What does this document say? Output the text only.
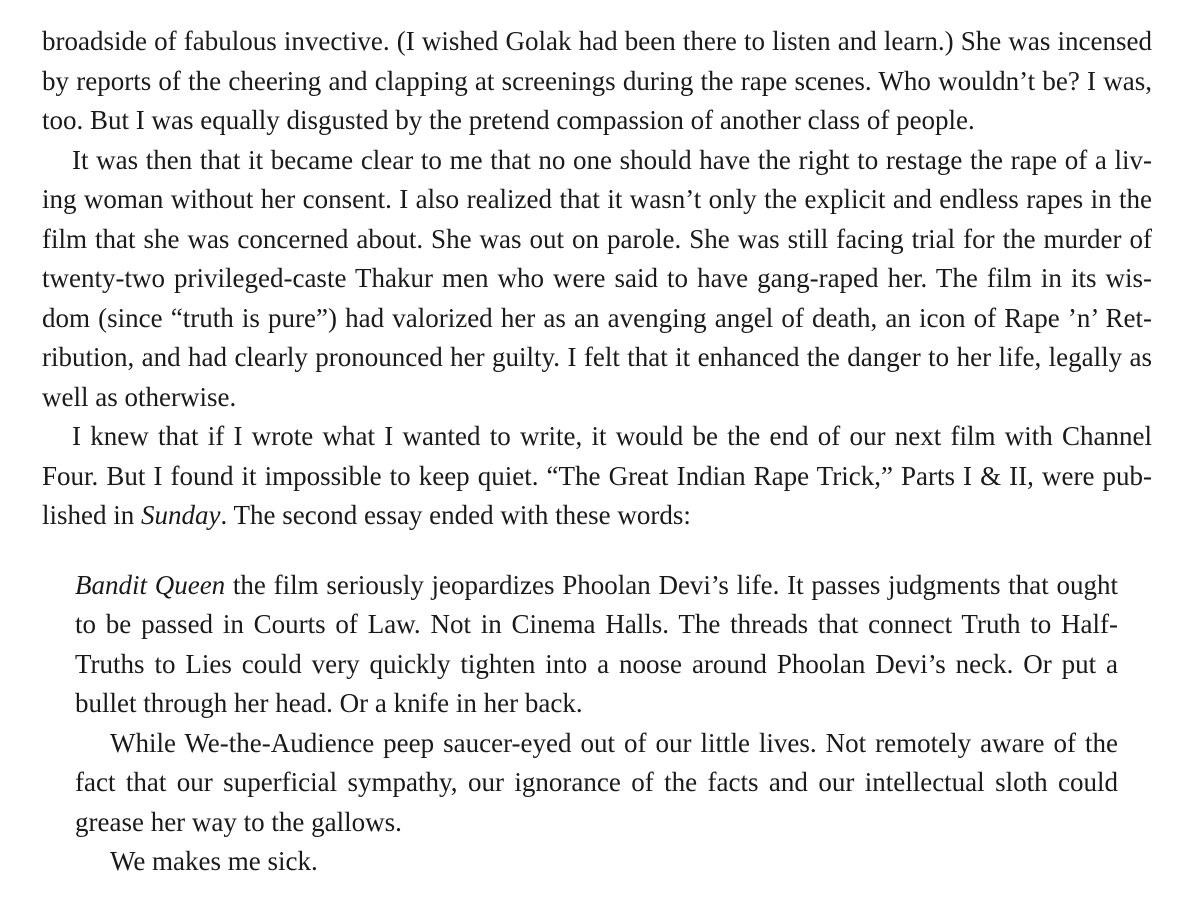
broadside of fabulous invective. (I wished Golak had been there to listen and learn.) She was incensed
by reports of the cheering and clapping at screenings during the rape scenes. Who wouldn’t be? I was,
too. But I was equally disgusted by the pretend compassion of another class of people.
It was then that it became clear to me that no one should have the right to restage the rape of a liv-
ing woman without her consent. I also realized that it wasn’t only the explicit and endless rapes in the
film that she was concerned about. She was out on parole. She was still facing trial for the murder of
twenty-two privileged-caste Thakur men who were said to have gang-raped her. The film in its wis-
dom (since “truth is pure”) had valorized her as an avenging angel of death, an icon of Rape ’n’ Ret-
ribution, and had clearly pronounced her guilty. I felt that it enhanced the danger to her life, legally as
well as otherwise.
I knew that if I wrote what I wanted to write, it would be the end of our next film with Channel
Four. But I found it impossible to keep quiet. “The Great Indian Rape Trick,” Parts I & II, were pub-
lished in Sunday. The second essay ended with these words:
Bandit Queen the film seriously jeopardizes Phoolan Devi’s life. It passes judgments that ought
to be passed in Courts of Law. Not in Cinema Halls. The threads that connect Truth to Half-
Truths to Lies could very quickly tighten into a noose around Phoolan Devi’s neck. Or put a
bullet through her head. Or a knife in her back.
While We-the-Audience peep saucer-eyed out of our little lives. Not remotely aware of the
fact that our superficial sympathy, our ignorance of the facts and our intellectual sloth could
grease her way to the gallows.
We makes me sick.
